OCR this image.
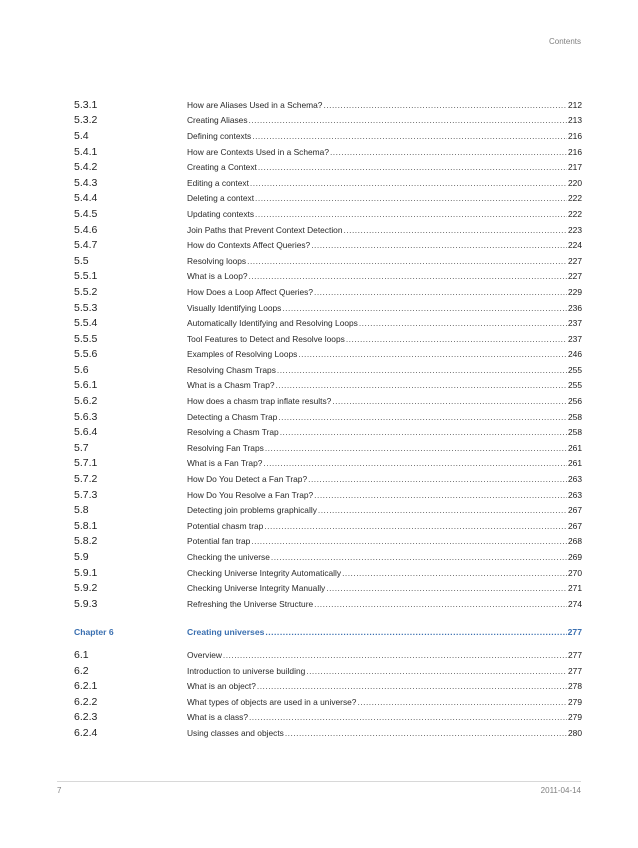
Contents
5.3.1	How are Aliases Used in a Schema? .....	212
5.3.2	Creating Aliases .....	213
5.4	Defining contexts .....	216
5.4.1	How are Contexts Used in a Schema? .....	216
5.4.2	Creating a Context .....	217
5.4.3	Editing a context .....	220
5.4.4	Deleting a context .....	222
5.4.5	Updating contexts .....	222
5.4.6	Join Paths that Prevent Context Detection .....	223
5.4.7	How do Contexts Affect Queries? .....	224
5.5	Resolving loops .....	227
5.5.1	What is a Loop? .....	227
5.5.2	How Does a Loop Affect Queries? .....	229
5.5.3	Visually Identifying Loops .....	236
5.5.4	Automatically Identifying and Resolving Loops .....	237
5.5.5	Tool Features to Detect and Resolve loops .....	237
5.5.6	Examples of Resolving Loops .....	246
5.6	Resolving Chasm Traps .....	255
5.6.1	What is a Chasm Trap? .....	255
5.6.2	How does a chasm trap inflate results? .....	256
5.6.3	Detecting a Chasm Trap .....	258
5.6.4	Resolving a Chasm Trap .....	258
5.7	Resolving Fan Traps .....	261
5.7.1	What is a Fan Trap? .....	261
5.7.2	How Do You Detect a Fan Trap? .....	263
5.7.3	How Do You Resolve a Fan Trap? .....	263
5.8	Detecting join problems graphically .....	267
5.8.1	Potential chasm trap .....	267
5.8.2	Potential fan trap .....	268
5.9	Checking the universe .....	269
5.9.1	Checking Universe Integrity Automatically .....	270
5.9.2	Checking Universe Integrity Manually .....	271
5.9.3	Refreshing the Universe Structure .....	274
Chapter 6	Creating universes .....	277
6.1	Overview .....	277
6.2	Introduction to universe building .....	277
6.2.1	What is an object? .....	278
6.2.2	What types of objects are used in a universe? .....	279
6.2.3	What is a class? .....	279
6.2.4	Using classes and objects .....	280
7	2011-04-14
